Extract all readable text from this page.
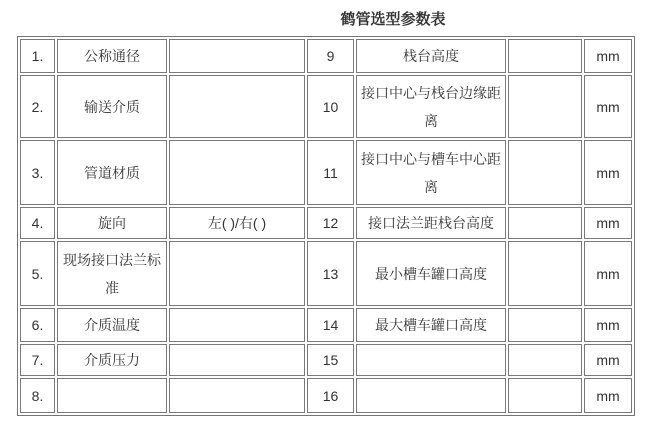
鹤管选型参数表
1.	公称通径		9	栈台高度		mm
2.	输送介质		10	接口中心与栈台边缘距离		mm
3.	管道材质		11	接口中心与槽车中心距离		mm
4.	旋向	左( )/右( )	12	接口法兰距栈台高度		mm
5.	现场接口法兰标准		13	最小槽车罐口高度		mm
6.	介质温度		14	最大槽车罐口高度		mm
7.	介质压力		15			mm
8.			16			mm
